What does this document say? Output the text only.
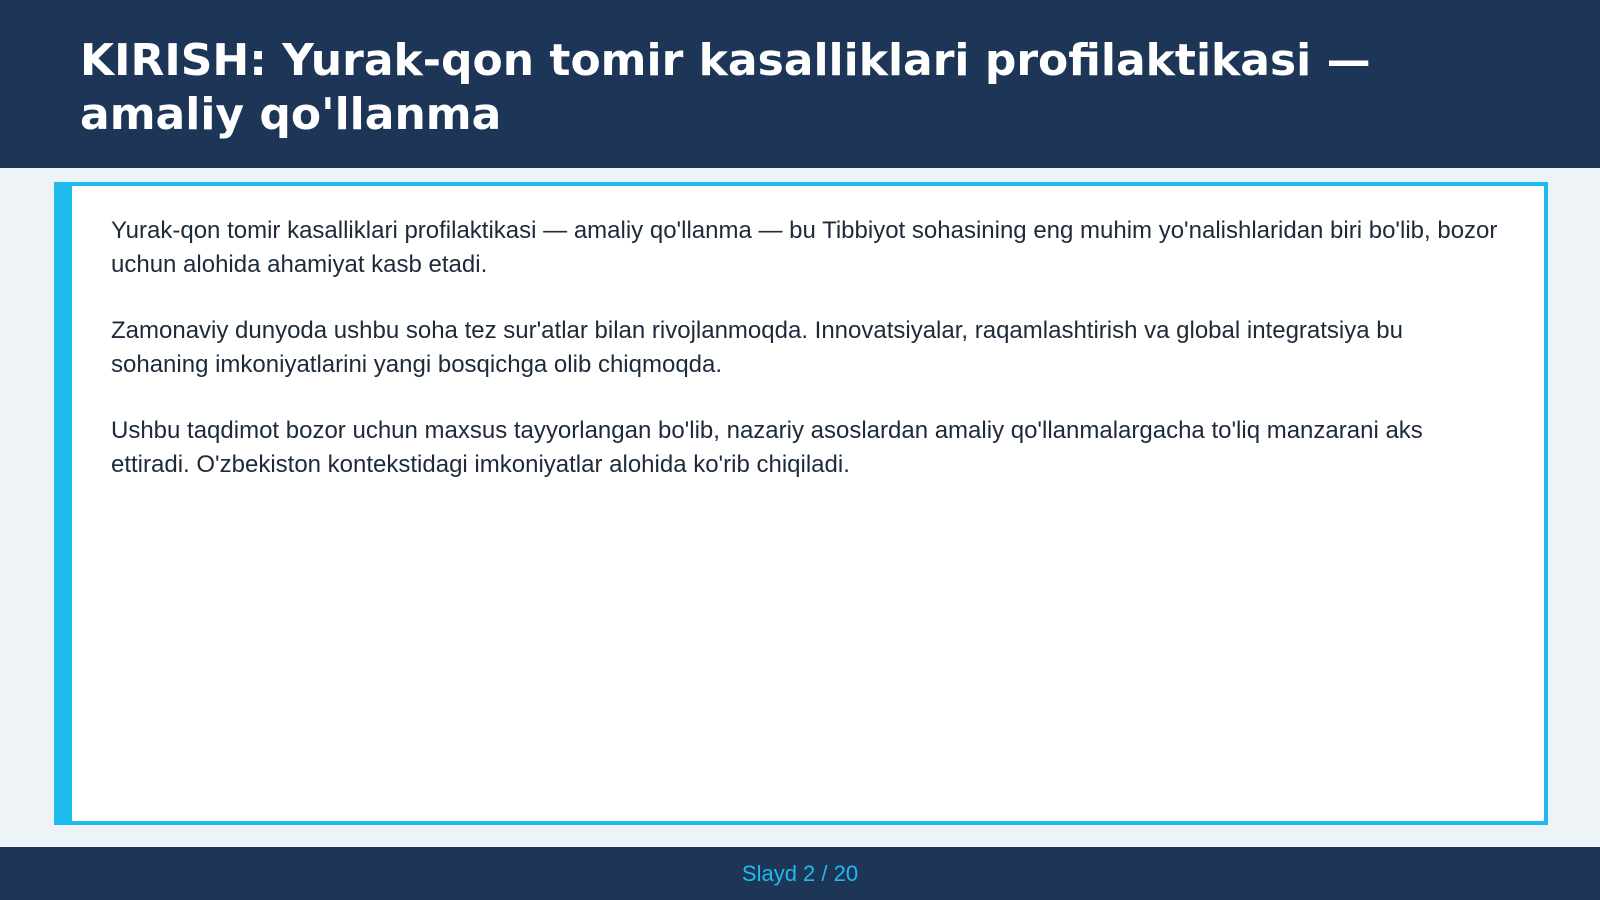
KIRISH: Yurak-qon tomir kasalliklari profilaktikasi — amaliy qo'llanma

Yurak-qon tomir kasalliklari profilaktikasi — amaliy qo'llanma — bu Tibbiyot sohasining eng muhim yo'nalishlaridan biri bo'lib, bozor uchun alohida ahamiyat kasb etadi.

Zamonaviy dunyoda ushbu soha tez sur'atlar bilan rivojlanmoqda. Innovatsiyalar, raqamlashtirish va global integratsiya bu sohaning imkoniyatlarini yangi bosqichga olib chiqmoqda.

Ushbu taqdimot bozor uchun maxsus tayyorlangan bo'lib, nazariy asoslardan amaliy qo'llanmalargacha to'liq manzarani aks ettiradi. O'zbekiston kontekstidagi imkoniyatlar alohida ko'rib chiqiladi.

Slayd 2 / 20
